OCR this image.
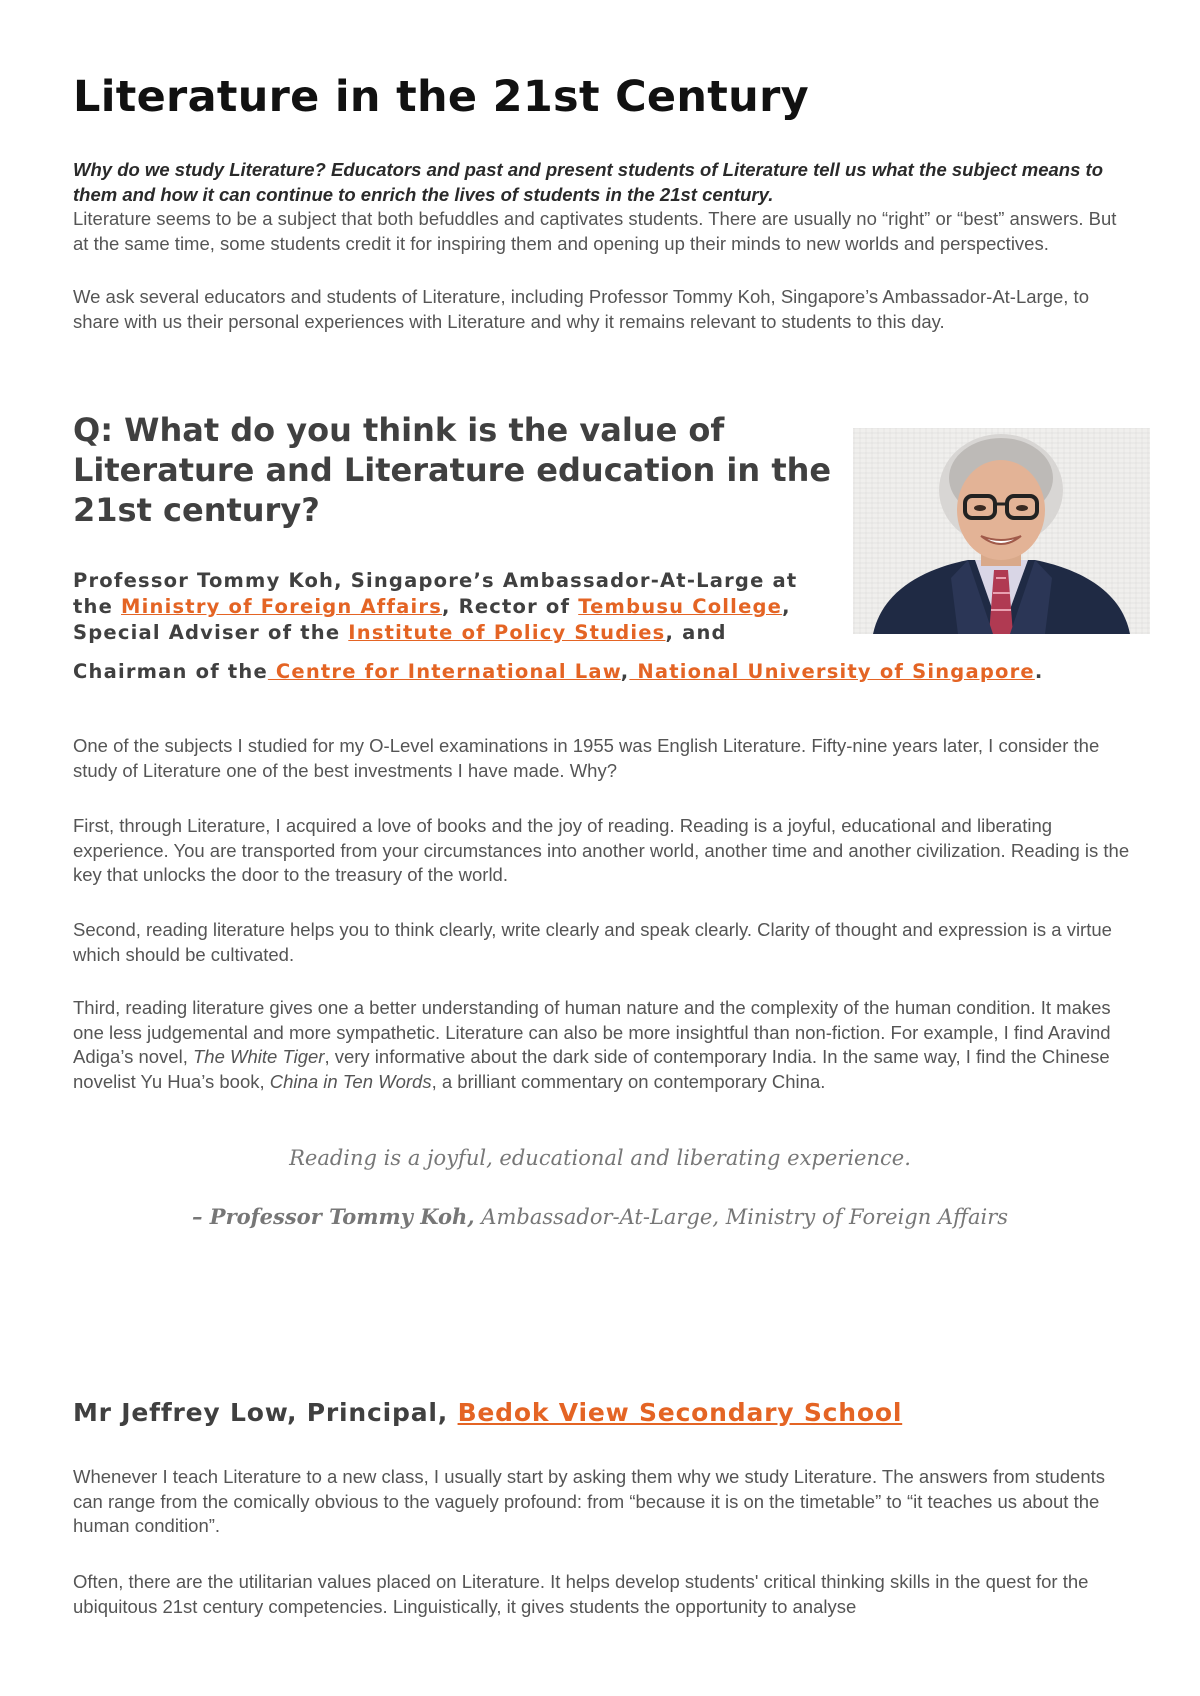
Literature in the 21st Century
Why do we study Literature? Educators and past and present students of Literature tell us what the subject means to them and how it can continue to enrich the lives of students in the 21st century.
Literature seems to be a subject that both befuddles and captivates students. There are usually no “right” or “best” answers. But at the same time, some students credit it for inspiring them and opening up their minds to new worlds and perspectives.

We ask several educators and students of Literature, including Professor Tommy Koh, Singapore’s Ambassador-At-Large, to share with us their personal experiences with Literature and why it remains relevant to students to this day.

Q: What do you think is the value of Literature and Literature education in the 21st century?
Professor Tommy Koh, Singapore’s Ambassador-At-Large at the Ministry of Foreign Affairs, Rector of Tembusu College, Special Adviser of the Institute of Policy Studies, and
Chairman of the Centre for International Law, National University of Singapore.

One of the subjects I studied for my O-Level examinations in 1955 was English Literature. Fifty-nine years later, I consider the study of Literature one of the best investments I have made. Why?

First, through Literature, I acquired a love of books and the joy of reading. Reading is a joyful, educational and liberating experience. You are transported from your circumstances into another world, another time and another civilization. Reading is the key that unlocks the door to the treasury of the world.

Second, reading literature helps you to think clearly, write clearly and speak clearly. Clarity of thought and expression is a virtue which should be cultivated.

Third, reading literature gives one a better understanding of human nature and the complexity of the human condition. It makes one less judgemental and more sympathetic. Literature can also be more insightful than non-fiction. For example, I find Aravind Adiga’s novel, The White Tiger, very informative about the dark side of contemporary India. In the same way, I find the Chinese novelist Yu Hua’s book, China in Ten Words, a brilliant commentary on contemporary China.

Reading is a joyful, educational and liberating experience.

– Professor Tommy Koh, Ambassador-At-Large, Ministry of Foreign Affairs

Mr Jeffrey Low, Principal, Bedok View Secondary School

Whenever I teach Literature to a new class, I usually start by asking them why we study Literature. The answers from students can range from the comically obvious to the vaguely profound: from “because it is on the timetable” to “it teaches us about the human condition”.

Often, there are the utilitarian values placed on Literature. It helps develop students' critical thinking skills in the quest for the ubiquitous 21st century competencies. Linguistically, it gives students the opportunity to analyse
